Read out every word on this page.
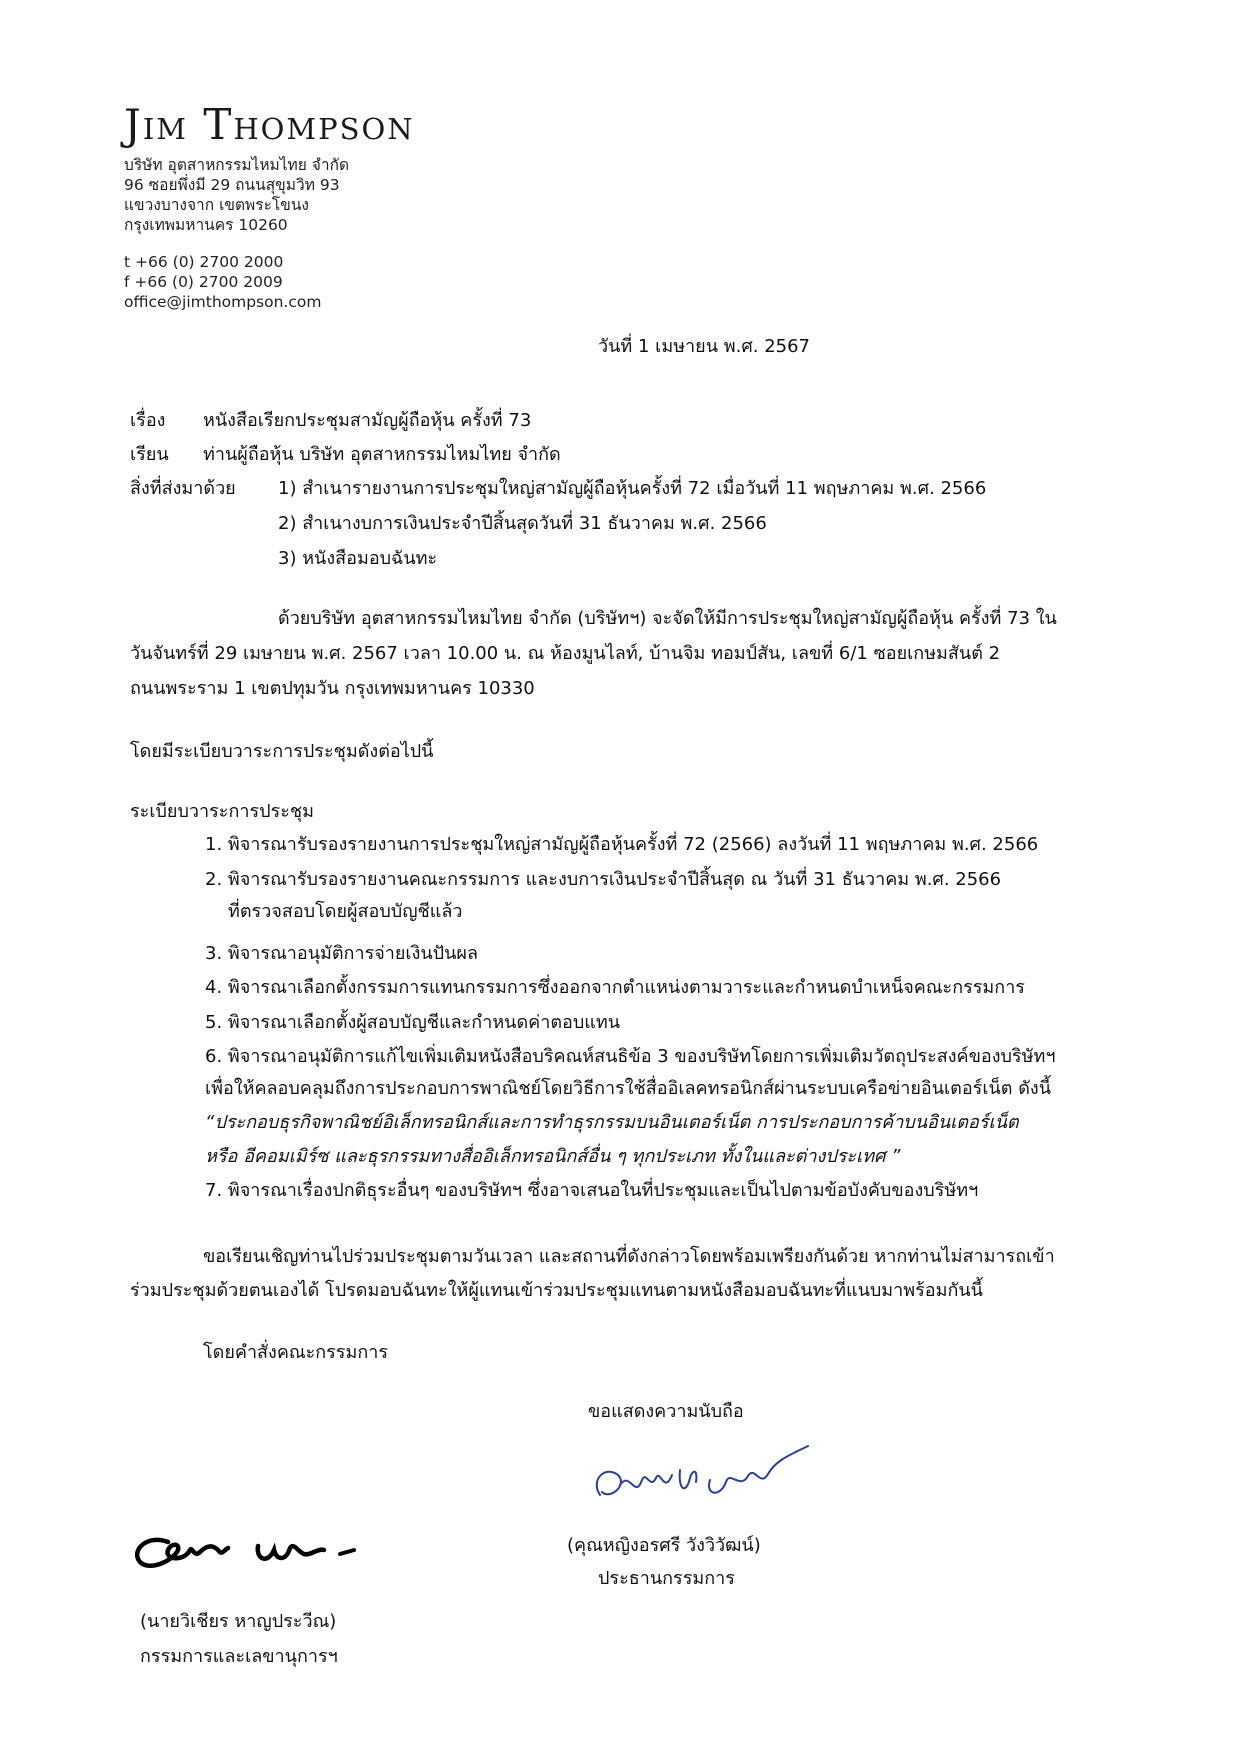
Jim Thompson
บริษัท อุตสาหกรรมไหมไทย จำกัด
96 ซอยพึ่งมี 29 ถนนสุขุมวิท 93
แขวงบางจาก เขตพระโขนง
กรุงเทพมหานคร 10260
t +66 (0) 2700 2000
f +66 (0) 2700 2009
office@jimthompson.com
วันที่ 1 เมษายน พ.ศ. 2567
เรื่อง หนังสือเรียกประชุมสามัญผู้ถือหุ้น ครั้งที่ 73
เรียน ท่านผู้ถือหุ้น บริษัท อุตสาหกรรมไหมไทย จำกัด
สิ่งที่ส่งมาด้วย 1) สำเนารายงานการประชุมใหญ่สามัญผู้ถือหุ้นครั้งที่ 72 เมื่อวันที่ 11 พฤษภาคม พ.ศ. 2566
2) สำเนางบการเงินประจำปีสิ้นสุดวันที่ 31 ธันวาคม พ.ศ. 2566
3) หนังสือมอบฉันทะ
ด้วยบริษัท อุตสาหกรรมไหมไทย จำกัด (บริษัทฯ) จะจัดให้มีการประชุมใหญ่สามัญผู้ถือหุ้น ครั้งที่ 73 ใน
วันจันทร์ที่ 29 เมษายน พ.ศ. 2567 เวลา 10.00 น. ณ ห้องมูนไลท์, บ้านจิม ทอมป์สัน, เลขที่ 6/1 ซอยเกษมสันต์ 2
ถนนพระราม 1 เขตปทุมวัน กรุงเทพมหานคร 10330
โดยมีระเบียบวาระการประชุมดังต่อไปนี้
ระเบียบวาระการประชุม
1. พิจารณารับรองรายงานการประชุมใหญ่สามัญผู้ถือหุ้นครั้งที่ 72 (2566) ลงวันที่ 11 พฤษภาคม พ.ศ. 2566
2. พิจารณารับรองรายงานคณะกรรมการ และงบการเงินประจำปีสิ้นสุด ณ วันที่ 31 ธันวาคม พ.ศ. 2566
ที่ตรวจสอบโดยผู้สอบบัญชีแล้ว
3. พิจารณาอนุมัติการจ่ายเงินปันผล
4. พิจารณาเลือกตั้งกรรมการแทนกรรมการซึ่งออกจากตำแหน่งตามวาระและกำหนดบำเหน็จคณะกรรมการ
5. พิจารณาเลือกตั้งผู้สอบบัญชีและกำหนดค่าตอบแทน
6. พิจารณาอนุมัติการแก้ไขเพิ่มเติมหนังสือบริคณห์สนธิข้อ 3 ของบริษัทโดยการเพิ่มเติมวัตถุประสงค์ของบริษัทฯ
เพื่อให้คลอบคลุมถึงการประกอบการพาณิชย์โดยวิธีการใช้สื่ออิเลคทรอนิกส์ผ่านระบบเครือข่ายอินเตอร์เน็ต ดังนี้
“ประกอบธุรกิจพาณิชย์อิเล็กทรอนิกส์และการทำธุรกรรมบนอินเตอร์เน็ต การประกอบการค้าบนอินเตอร์เน็ต
หรือ อีคอมเมิร์ซ และธุรกรรมทางสื่ออิเล็กทรอนิกส์อื่น ๆ ทุกประเภท ทั้งในและต่างประเทศ ”
7. พิจารณาเรื่องปกติธุระอื่นๆ ของบริษัทฯ ซึ่งอาจเสนอในที่ประชุมและเป็นไปตามข้อบังคับของบริษัทฯ
ขอเรียนเชิญท่านไปร่วมประชุมตามวันเวลา และสถานที่ดังกล่าวโดยพร้อมเพรียงกันด้วย หากท่านไม่สามารถเข้า
ร่วมประชุมด้วยตนเองได้ โปรดมอบฉันทะให้ผู้แทนเข้าร่วมประชุมแทนตามหนังสือมอบฉันทะที่แนบมาพร้อมกันนี้
โดยคำสั่งคณะกรรมการ
ขอแสดงความนับถือ
(คุณหญิงอรศรี วังวิวัฒน์)
ประธานกรรมการ
(นายวิเชียร หาญประวีณ)
กรรมการและเลขานุการฯ
